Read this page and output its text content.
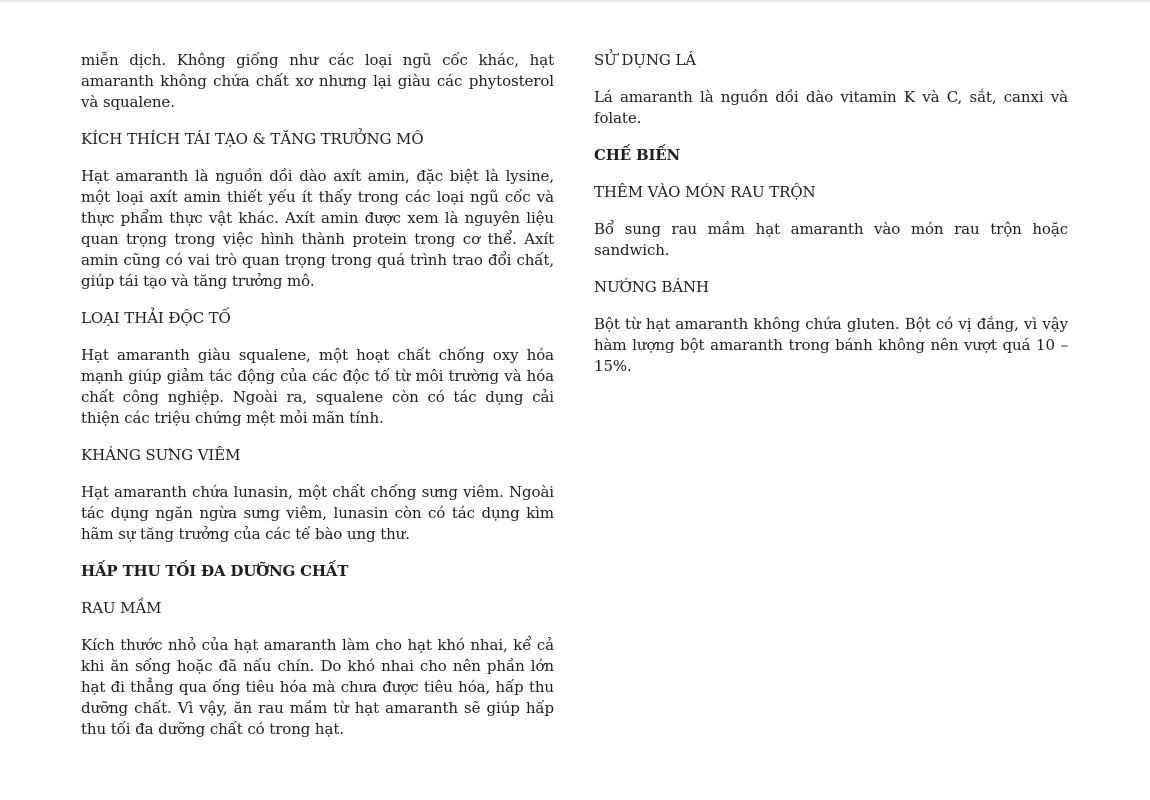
miễn dịch. Không giống như các loại ngũ cốc khác, hạt amaranth không chứa chất xơ nhưng lại giàu các phytosterol và squalene.

KÍCH THÍCH TÁI TẠO & TĂNG TRƯỞNG MÔ

Hạt amaranth là nguồn dồi dào axít amin, đặc biệt là lysine, một loại axít amin thiết yếu ít thấy trong các loại ngũ cốc và thực phẩm thực vật khác. Axít amin được xem là nguyên liệu quan trọng trong việc hình thành protein trong cơ thể. Axít amin cũng có vai trò quan trọng trong quá trình trao đổi chất, giúp tái tạo và tăng trưởng mô.

LOẠI THẢI ĐỘC TỐ

Hạt amaranth giàu squalene, một hoạt chất chống oxy hóa mạnh giúp giảm tác động của các độc tố từ môi trường và hóa chất công nghiệp. Ngoài ra, squalene còn có tác dụng cải thiện các triệu chứng mệt mỏi mãn tính.

KHÁNG SƯNG VIÊM

Hạt amaranth chứa lunasin, một chất chống sưng viêm. Ngoài tác dụng ngăn ngừa sưng viêm, lunasin còn có tác dụng kìm hãm sự tăng trưởng của các tế bào ung thư.

HẤP THU TỐI ĐA DƯỠNG CHẤT
RAU MẦM

Kích thước nhỏ của hạt amaranth làm cho hạt khó nhai, kể cả khi ăn sống hoặc đã nấu chín. Do khó nhai cho nên phần lớn hạt đi thẳng qua ống tiêu hóa mà chưa được tiêu hóa, hấp thu dưỡng chất. Vì vậy, ăn rau mầm từ hạt amaranth sẽ giúp hấp thu tối đa dưỡng chất có trong hạt.

SỬ DỤNG LÁ

Lá amaranth là nguồn dồi dào vitamin K và C, sắt, canxi và folate.

CHẾ BIẾN
THÊM VÀO MÓN RAU TRỘN

Bổ sung rau mầm hạt amaranth vào món rau trộn hoặc sandwich.

NƯỚNG BÁNH

Bột từ hạt amaranth không chứa gluten. Bột có vị đắng, vì vậy hàm lượng bột amaranth trong bánh không nên vượt quá 10 – 15%.
